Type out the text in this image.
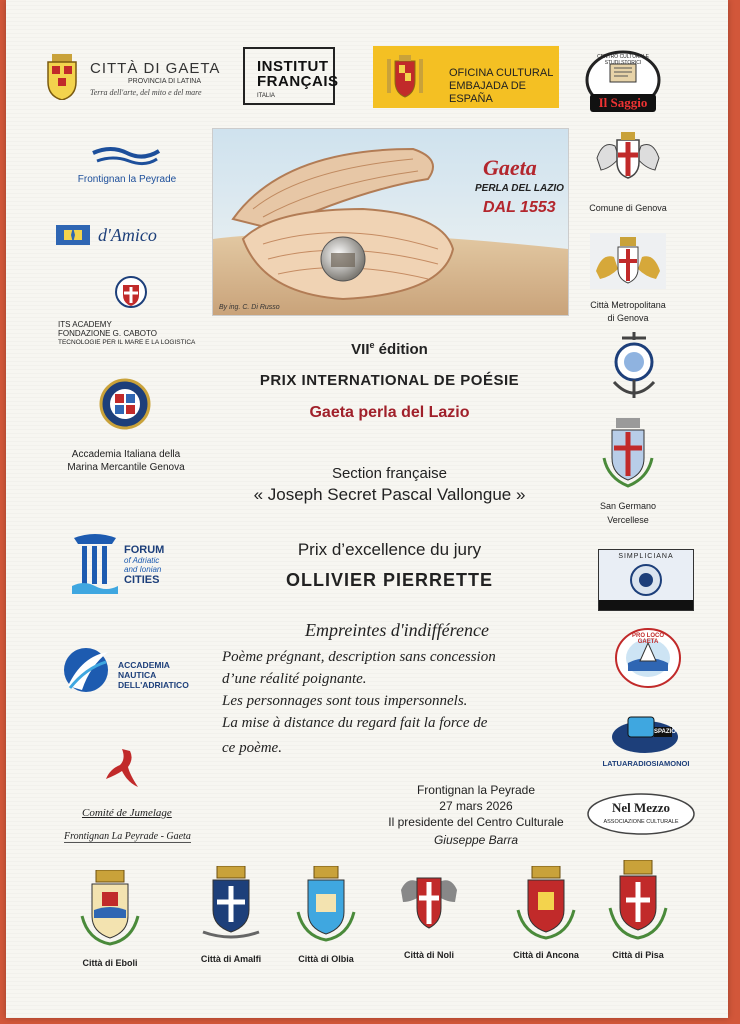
CITTÀ DI GAETA
PROVINCIA DI LATINA
Terra dell'arte, del mito e del mare
INSTITUT
FRANÇAIS
ITALIA
OFICINA CULTURAL
EMBAJADA DE ESPAÑA
CENTRO CULTURALE STUDI STORICI
Il Saggio
Gaeta
PERLA DEL LAZIO
DAL 1553
By ing. C. Di Russo
Frontignan la Peyrade
d'Amico
ITS ACADEMY
FONDAZIONE G. CABOTO
TECNOLOGIE PER IL MARE E LA LOGISTICA
Accademia Italiana della
Marina Mercantile Genova
FORUM
of Adriatic
and Ionian
CITIES
ACCADEMIA
NAUTICA
DELL'ADRIATICO
Comité de Jumelage
Frontignan La Peyrade - Gaeta
Comune di Genova
Città Metropolitana
di Genova
San Germano
Vercellese
SIMPLICIANA
PRO LOCO GAETA
SPAZIO
LATUARADIOSIAMONOI
Nel Mezzo
ASSOCIAZIONE CULTURALE
VIIe édition
PRIX INTERNATIONAL DE POÉSIE
Gaeta perla del Lazio
Section française
« Joseph Secret Pascal Vallongue »
Prix d’excellence du jury
OLLIVIER PIERRETTE
Empreintes d'indifférence
Poème prégnant, description sans concession
d’une réalité poignante.
Les personnages sont tous impersonnels.
La mise à distance du regard fait la force de
ce poème.
Frontignan la Peyrade
27 mars 2026
Il presidente del Centro Culturale
Giuseppe Barra
Città di Eboli	Città di Amalfi	Città di Olbia	Città di Noli	Città di Ancona	Città di Pisa
